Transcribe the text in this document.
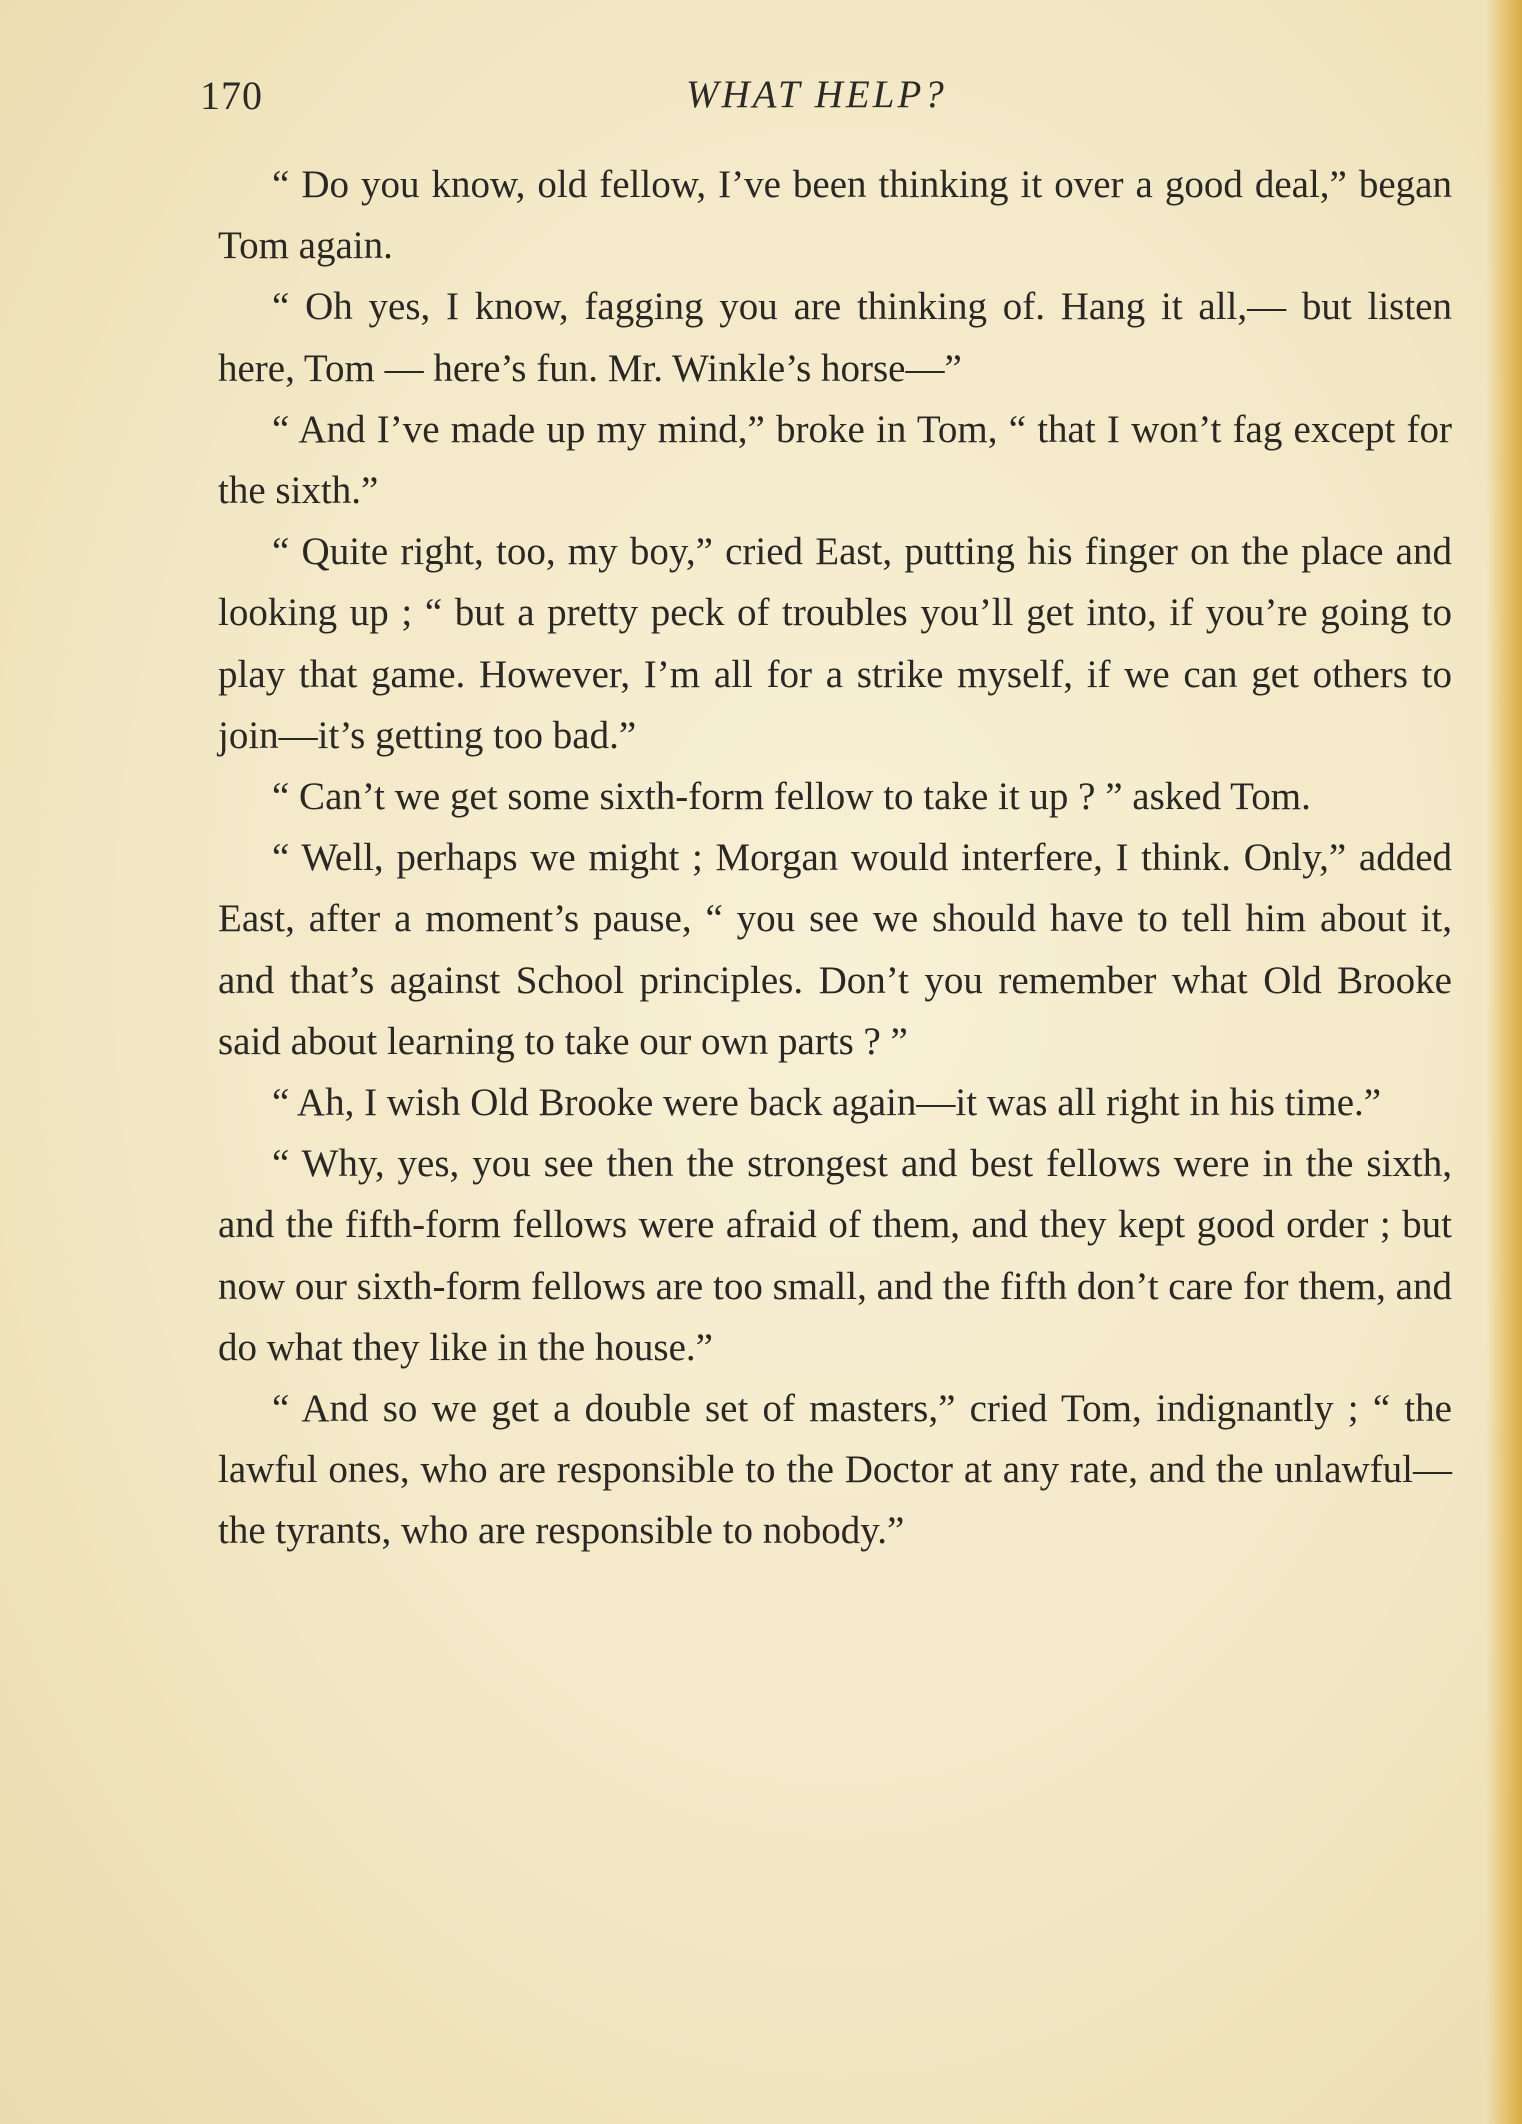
170	WHAT HELP?

“ Do you know, old fellow, I’ve been thinking it over a good deal,” began Tom again.

“ Oh yes, I know, fagging you are thinking of. Hang it all,— but listen here, Tom — here’s fun. Mr. Winkle’s horse—”

“ And I’ve made up my mind,” broke in Tom, “ that I won’t fag except for the sixth.”

“ Quite right, too, my boy,” cried East, putting his finger on the place and looking up ; “ but a pretty peck of troubles you’ll get into, if you’re going to play that game. However, I’m all for a strike myself, if we can get others to join—it’s getting too bad.”

“ Can’t we get some sixth-form fellow to take it up ? ” asked Tom.

“ Well, perhaps we might ; Morgan would interfere, I think. Only,” added East, after a moment’s pause, “ you see we should have to tell him about it, and that’s against School principles. Don’t you remember what Old Brooke said about learning to take our own parts ? ”

“ Ah, I wish Old Brooke were back again—it was all right in his time.”

“ Why, yes, you see then the strongest and best fellows were in the sixth, and the fifth-form fellows were afraid of them, and they kept good order ; but now our sixth-form fellows are too small, and the fifth don’t care for them, and do what they like in the house.”

“ And so we get a double set of masters,” cried Tom, indignantly ; “ the lawful ones, who are responsible to the Doctor at any rate, and the unlawful—the tyrants, who are responsible to nobody.”
